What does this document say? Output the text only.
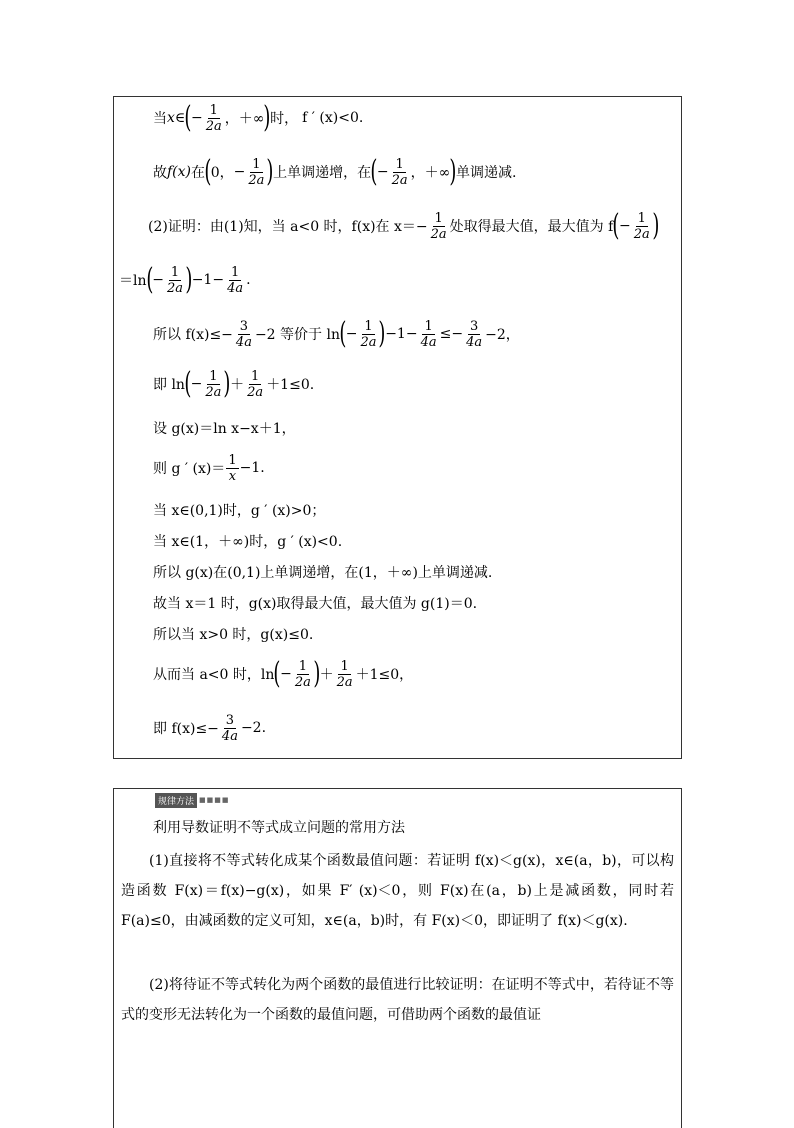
当 x ∈ ( − $\frac{1}{2a}$ ，＋∞ ) 时， f ′ (x)<0.
故 f(x) 在 ( 0， − $\frac{1}{2a}$ ) 上单调递增，在 ( − $\frac{1}{2a}$ ，＋∞ ) 单调递减.
(2)证明：由(1)知，当 a<0 时，f(x)在 $x=- \frac{1}{2a}$ 处取得最大值，最大值为 f ( − $\frac{1}{2a}$ )
＝ln ( − $\frac{1}{2a}$ ) $-1- \frac{1}{4a}$ .
所以 $f(x)\le- \frac{3}{4a} -2$ 等价于 ln ( − $\frac{1}{2a}$ ) $-1- \frac{1}{4a} \le- \frac{3}{4a} -2$，
即 ln ( − $\frac{1}{2a}$ ) ＋ $\frac{1}{2a} +1\le 0$.
设 g(x)＝ln x−x＋1，
则 g ′ $(x)= \frac{1}{x} -1$.
当 x∈(0,1)时，g ′ (x)>0；
当 x∈(1，＋∞)时，g ′ (x)<0.
所以 g(x)在(0,1)上单调递增，在(1，＋∞)上单调递减.
故当 x＝1 时，g(x)取得最大值，最大值为 g(1)＝0.
所以当 x>0 时，g(x)≤0.
从而当 a<0 时，ln ( − $\frac{1}{2a}$ ) ＋ $\frac{1}{2a} +1\le 0$，
即 $f(x)\le- \frac{3}{4a} -2$.
规律方法 ■■■■
利用导数证明不等式成立问题的常用方法
(1)直接将不等式转化成某个函数最值问题：若证明 f(x)＜g(x)，x∈(a，b)，可以构造函数 F(x)＝f(x)−g(x)，如果 F′ (x)＜0，则 F(x)在(a，b)上是减函数，同时若 F(a)≤0，由减函数的定义可知，x∈(a，b)时，有 F(x)＜0，即证明了 f(x)＜g(x).
(2)将待证不等式转化为两个函数的最值进行比较证明：在证明不等式中，若待证不等式的变形无法转化为一个函数的最值问题，可借助两个函数的最值证
